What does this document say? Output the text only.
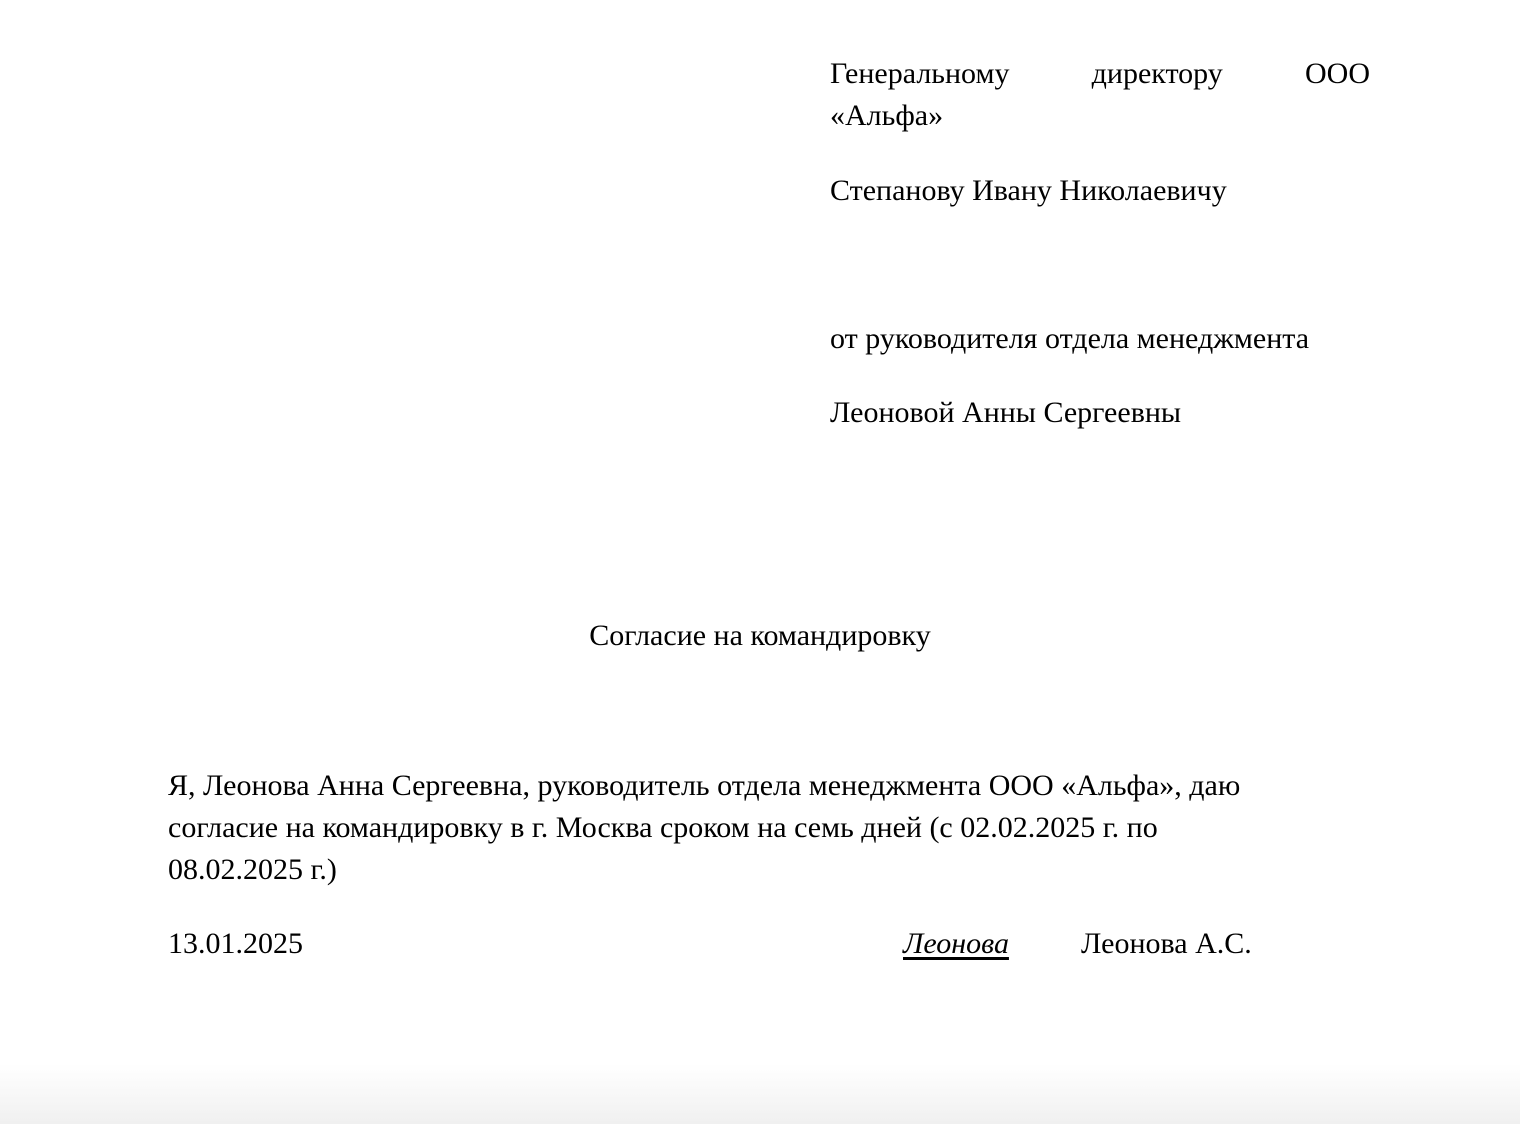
Генеральному	директору	ООО

«Альфа»

Степанову Ивану Николаевичу

от руководителя отдела менеджмента

Леоновой Анны Сергеевны

Согласие на командировку

Я, Леонова Анна Сергеевна, руководитель отдела менеджмента ООО «Альфа», даю

согласие на командировку в г. Москва сроком на семь дней (с 02.02.2025 г. по

08.02.2025 г.)

13.01.2025	Леонова Леонова А.С.
